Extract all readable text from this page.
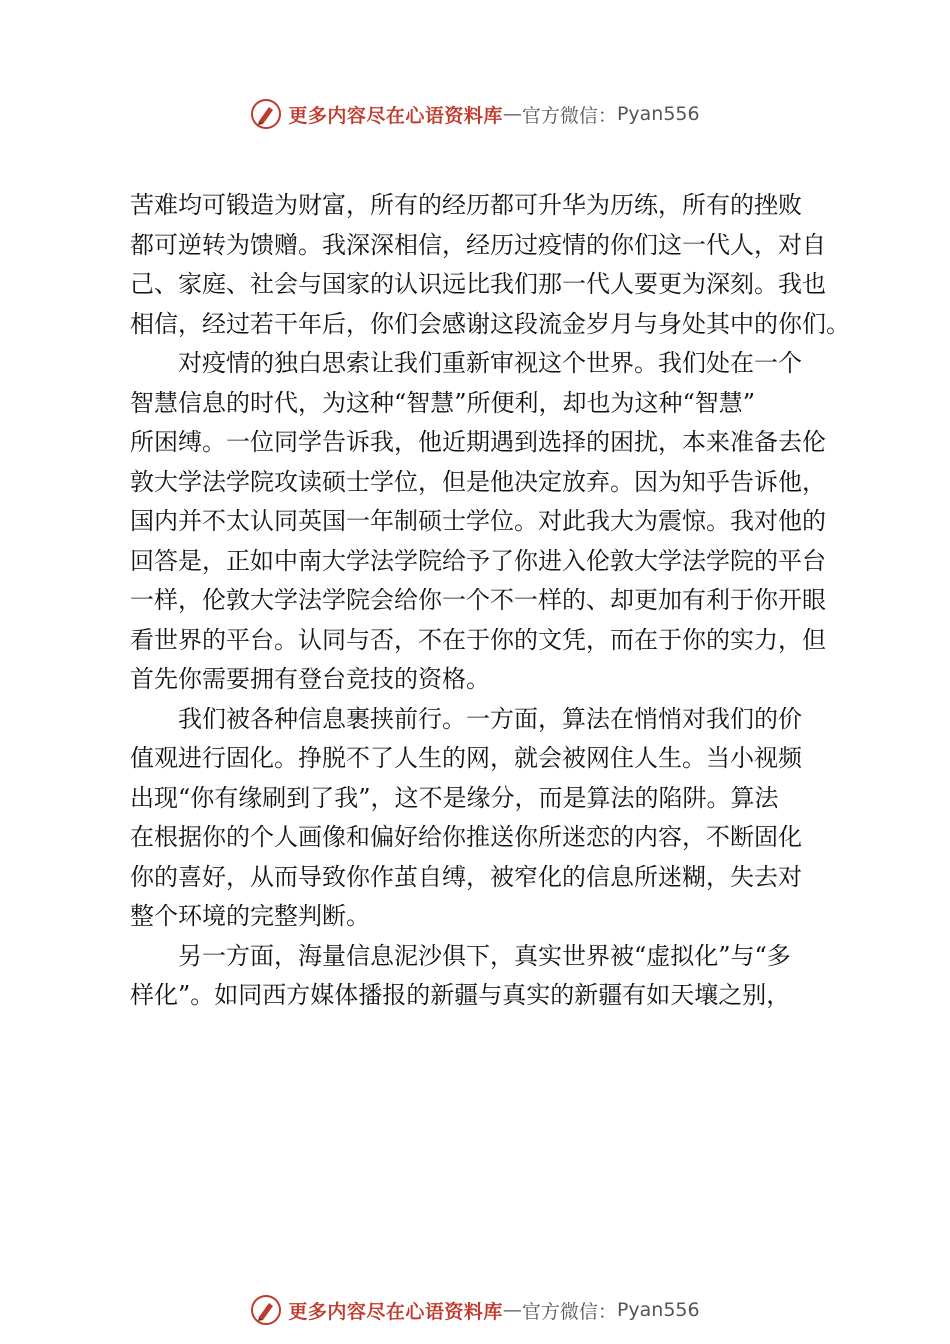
更多内容尽在心语资料库 — 官方微信： Pyan556
苦难均可锻造为财富，所有的经历都可升华为历练，所有的挫败
都可逆转为馈赠。我深深相信，经历过疫情的你们这一代人，对自
己、家庭、社会与国家的认识远比我们那一代人要更为深刻。我也
相信，经过若干年后，你们会感谢这段流金岁月与身处其中的你们。
对疫情的独白思索让我们重新审视这个世界。我们处在一个
智慧信息的时代，为这种“智慧”所便利，却也为这种“智慧”
所困缚。一位同学告诉我，他近期遇到选择的困扰，本来准备去伦
敦大学法学院攻读硕士学位，但是他决定放弃。因为知乎告诉他，
国内并不太认同英国一年制硕士学位。对此我大为震惊。我对他的
回答是，正如中南大学法学院给予了你进入伦敦大学法学院的平台
一样，伦敦大学法学院会给你一个不一样的、却更加有利于你开眼
看世界的平台。认同与否，不在于你的文凭，而在于你的实力，但
首先你需要拥有登台竞技的资格。
我们被各种信息裹挟前行。一方面，算法在悄悄对我们的价
值观进行固化。挣脱不了人生的网，就会被网住人生。当小视频
出现“你有缘刷到了我”，这不是缘分，而是算法的陷阱。算法
在根据你的个人画像和偏好给你推送你所迷恋的内容，不断固化
你的喜好，从而导致你作茧自缚，被窄化的信息所迷糊，失去对
整个环境的完整判断。
另一方面，海量信息泥沙俱下，真实世界被“虚拟化”与“多
样化”。如同西方媒体播报的新疆与真实的新疆有如天壤之别，
更多内容尽在心语资料库 — 官方微信： Pyan556
